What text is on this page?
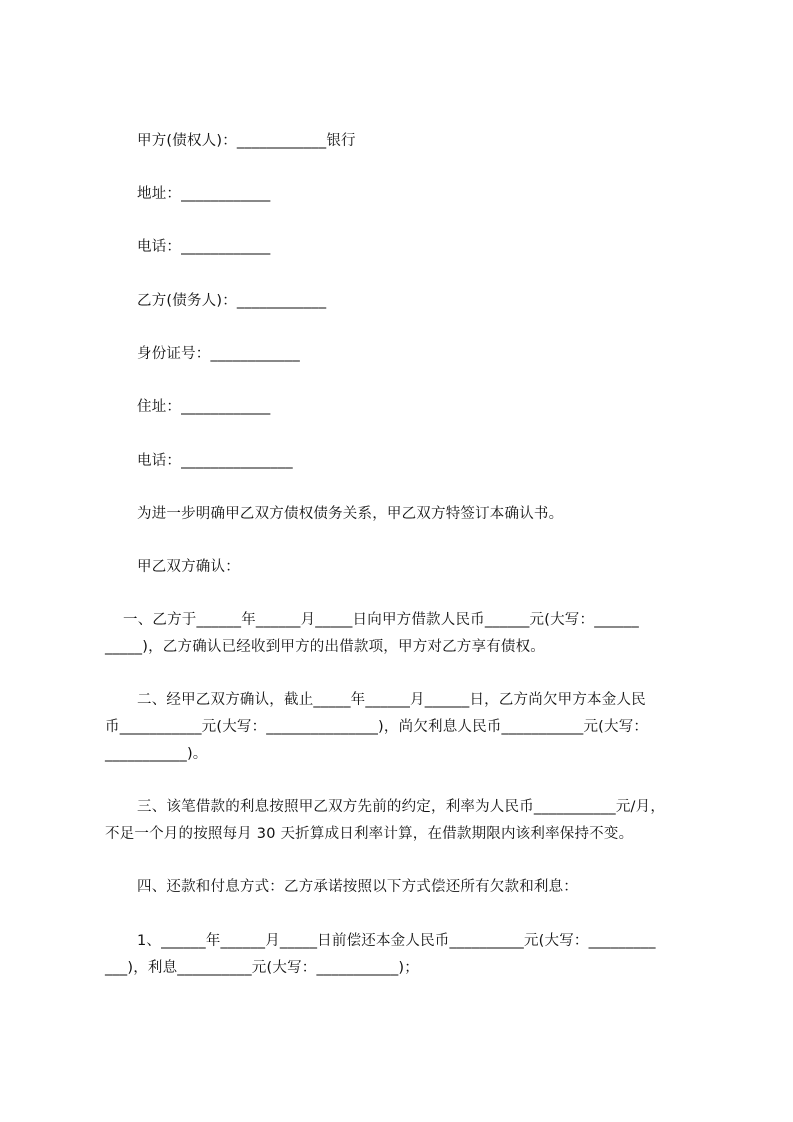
甲方(债权人)：____________银行
地址：____________
电话：____________
乙方(债务人)：____________
身份证号：____________
住址：____________
电话：_______________
为进一步明确甲乙双方债权债务关系，甲乙双方特签订本确认书。
甲乙双方确认：
一、乙方于______年______月_____日向甲方借款人民币______元(大写：______
_____)，乙方确认已经收到甲方的出借款项，甲方对乙方享有债权。
二、经甲乙双方确认，截止_____年______月______日，乙方尚欠甲方本金人民
币___________元(大写：_______________)，尚欠利息人民币___________元(大写：
___________)。
三、该笔借款的利息按照甲乙双方先前的约定，利率为人民币___________元/月，
不足一个月的按照每月 30 天折算成日利率计算，在借款期限内该利率保持不变。
四、还款和付息方式：乙方承诺按照以下方式偿还所有欠款和利息：
1、______年______月_____日前偿还本金人民币__________元(大写：_________
___)，利息__________元(大写：___________)；
